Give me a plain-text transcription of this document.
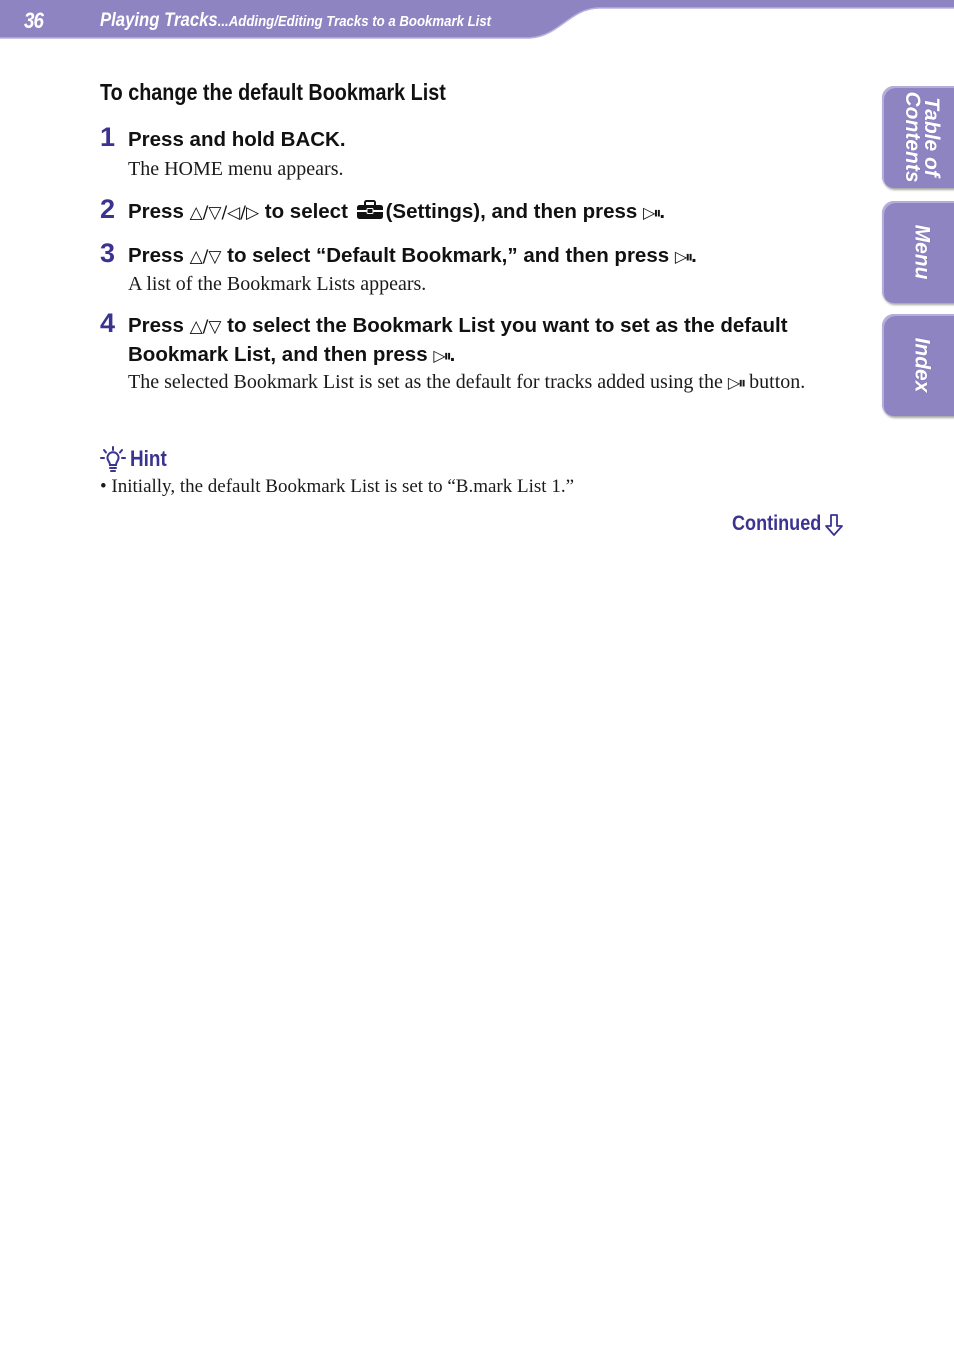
36	Playing Tracks...Adding/Editing Tracks to a Bookmark List
Table of
Contents
Menu
Index
To change the default Bookmark List
1 Press and hold BACK.
The HOME menu appears.
2 Press △/▽/◁/▷ to select (Settings), and then press ▷⏸.
3 Press △/▽ to select “Default Bookmark,” and then press ▷⏸.
A list of the Bookmark Lists appears.
4 Press △/▽ to select the Bookmark List you want to set as the default Bookmark List, and then press ▷⏸.
The selected Bookmark List is set as the default for tracks added using the ▷⏸ button.
Hint
• Initially, the default Bookmark List is set to “B.mark List 1.”
Continued
